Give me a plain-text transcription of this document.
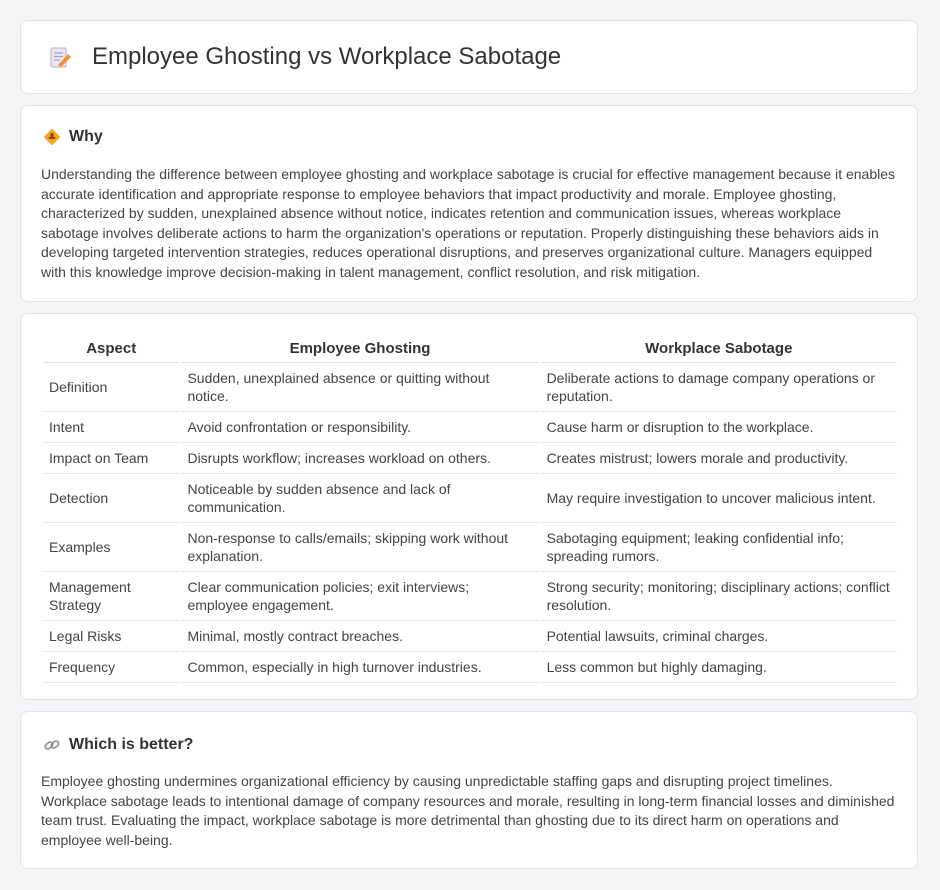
Employee Ghosting vs Workplace Sabotage
Why

Understanding the difference between employee ghosting and workplace sabotage is crucial for effective management because it enables accurate identification and appropriate response to employee behaviors that impact productivity and morale. Employee ghosting, characterized by sudden, unexplained absence without notice, indicates retention and communication issues, whereas workplace sabotage involves deliberate actions to harm the organization's operations or reputation. Properly distinguishing these behaviors aids in developing targeted intervention strategies, reduces operational disruptions, and preserves organizational culture. Managers equipped with this knowledge improve decision-making in talent management, conflict resolution, and risk mitigation.

Aspect	Employee Ghosting	Workplace Sabotage
Definition	Sudden, unexplained absence or quitting without notice.	Deliberate actions to damage company operations or reputation.
Intent	Avoid confrontation or responsibility.	Cause harm or disruption to the workplace.
Impact on Team	Disrupts workflow; increases workload on others.	Creates mistrust; lowers morale and productivity.
Detection	Noticeable by sudden absence and lack of communication.	May require investigation to uncover malicious intent.
Examples	Non-response to calls/emails; skipping work without explanation.	Sabotaging equipment; leaking confidential info; spreading rumors.
Management Strategy	Clear communication policies; exit interviews; employee engagement.	Strong security; monitoring; disciplinary actions; conflict resolution.
Legal Risks	Minimal, mostly contract breaches.	Potential lawsuits, criminal charges.
Frequency	Common, especially in high turnover industries.	Less common but highly damaging.
Which is better?

Employee ghosting undermines organizational efficiency by causing unpredictable staffing gaps and disrupting project timelines. Workplace sabotage leads to intentional damage of company resources and morale, resulting in long-term financial losses and diminished team trust. Evaluating the impact, workplace sabotage is more detrimental than ghosting due to its direct harm on operations and employee well-being.
